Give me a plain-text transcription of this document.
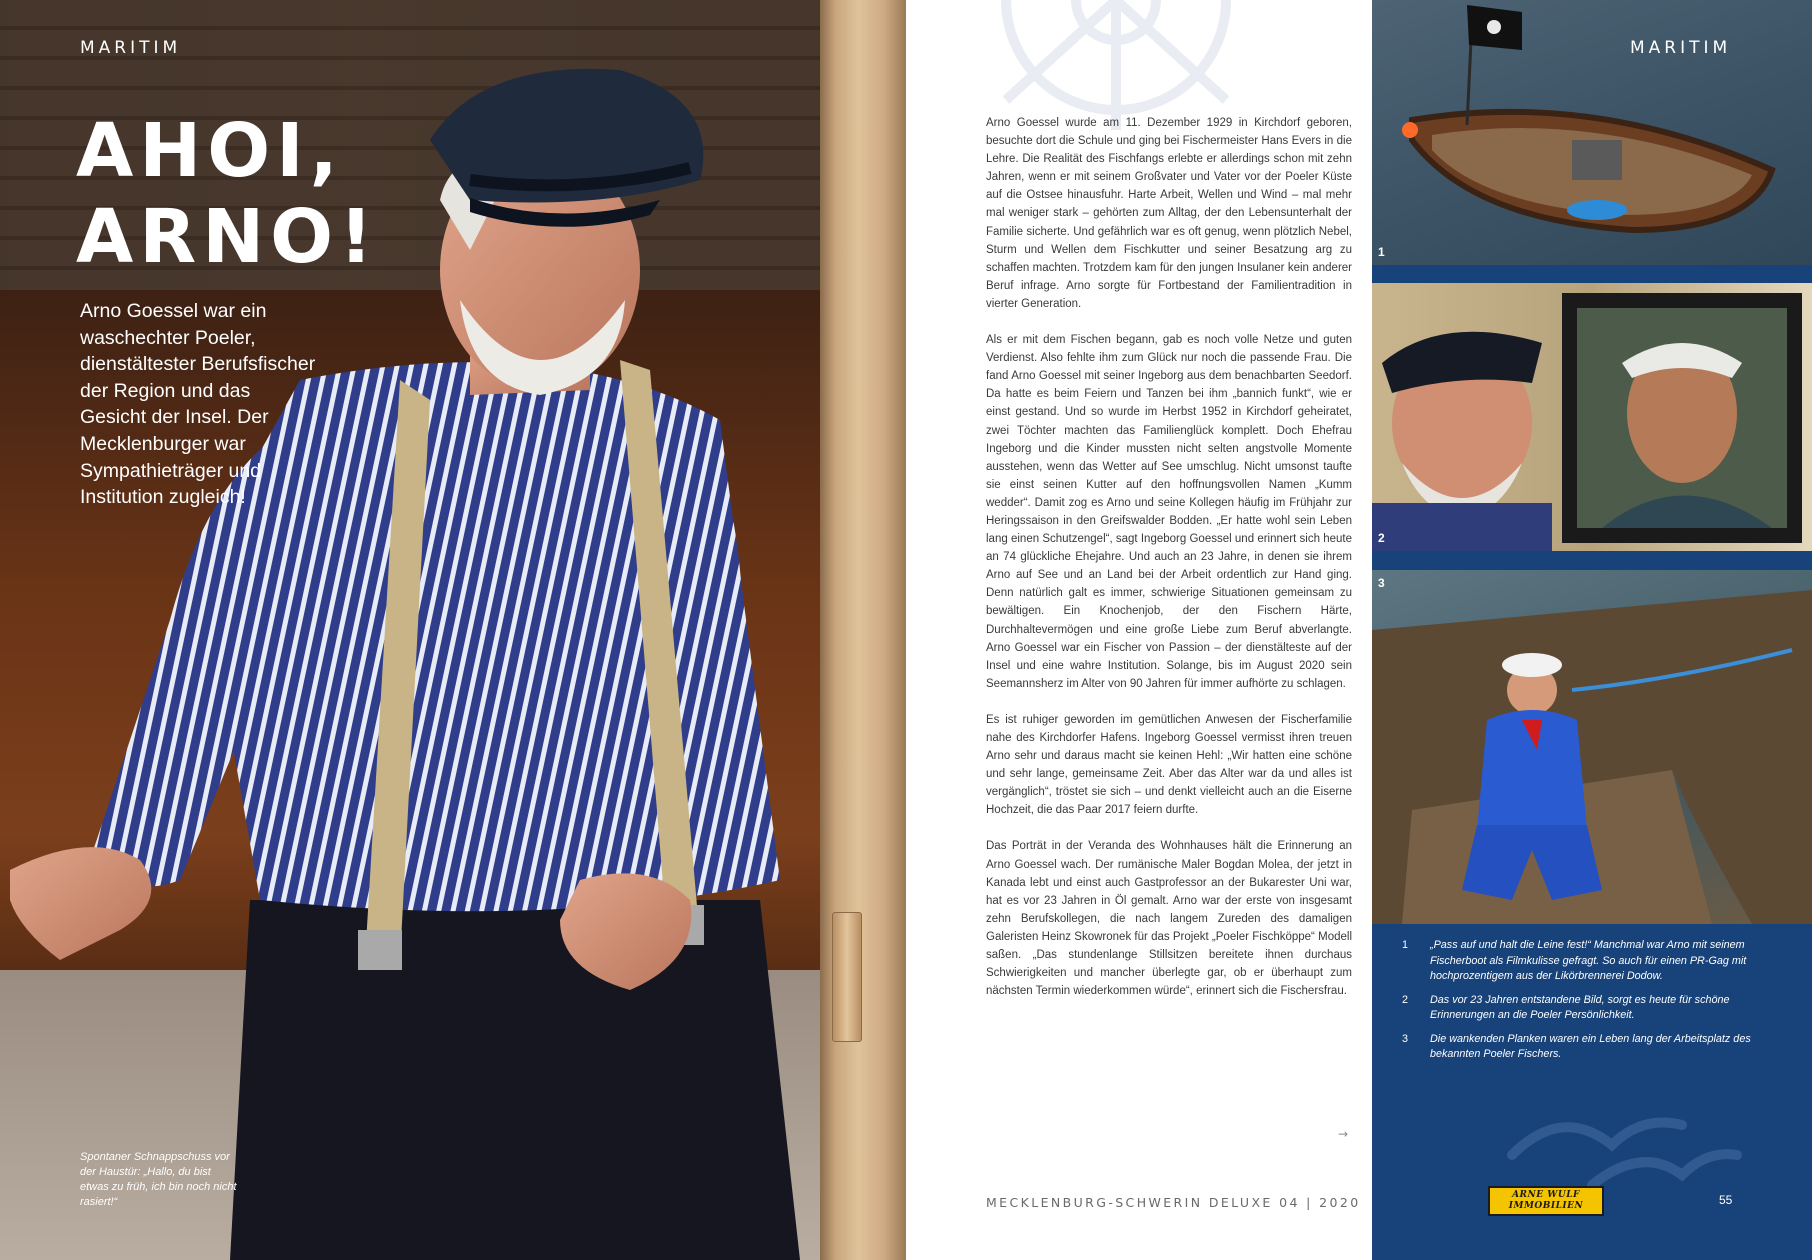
MARITIM
AHOI,
ARNO!

Arno Goessel war ein waschechter Poeler, dienstältester Berufsfischer der Region und das Gesicht der Insel. Der Mecklenburger war Sympathieträger und Institution zugleich!

Spontaner Schnappschuss vor der Haustür: „Hallo, du bist etwas zu früh, ich bin noch nicht rasiert!“

Arno Goessel wurde am 11. Dezember 1929 in Kirchdorf geboren, besuchte dort die Schule und ging bei Fischermeister Hans Evers in die Lehre. Die Realität des Fischfangs erlebte er allerdings schon mit zehn Jahren, wenn er mit seinem Großvater und Vater vor der Poeler Küste auf die Ostsee hinausfuhr. Harte Arbeit, Wellen und Wind – mal mehr mal weniger stark – gehörten zum Alltag, der den Lebensunterhalt der Familie sicherte. Und gefährlich war es oft genug, wenn plötzlich Nebel, Sturm und Wellen dem Fischkutter und seiner Besatzung arg zu schaffen machten. Trotzdem kam für den jungen Insulaner kein anderer Beruf infrage. Arno sorgte für Fortbestand der Familientradition in vierter Generation.

Als er mit dem Fischen begann, gab es noch volle Netze und guten Verdienst. Also fehlte ihm zum Glück nur noch die passende Frau. Die fand Arno Goessel mit seiner Ingeborg aus dem benachbarten Seedorf. Da hatte es beim Feiern und Tanzen bei ihm „bannich funkt“, wie er einst gestand. Und so wurde im Herbst 1952 in Kirchdorf geheiratet, zwei Töchter machten das Familienglück komplett. Doch Ehefrau Ingeborg und die Kinder mussten nicht selten angstvolle Momente ausstehen, wenn das Wetter auf See umschlug. Nicht umsonst taufte sie einst seinen Kutter auf den hoffnungsvollen Namen „Kumm wedder“. Damit zog es Arno und seine Kollegen häufig im Frühjahr zur Heringssaison in den Greifswalder Bodden. „Er hatte wohl sein Leben lang einen Schutzengel“, sagt Ingeborg Goessel und erinnert sich heute an 74 glückliche Ehejahre. Und auch an 23 Jahre, in denen sie ihrem Arno auf See und an Land bei der Arbeit ordentlich zur Hand ging. Denn natürlich galt es immer, schwierige Situationen gemeinsam zu bewältigen. Ein Knochenjob, der den Fischern Härte, Durchhaltevermögen und eine große Liebe zum Beruf abverlangte. Arno Goessel war ein Fischer von Passion – der dienstälteste auf der Insel und eine wahre Institution. Solange, bis im August 2020 sein Seemannsherz im Alter von 90 Jahren für immer aufhörte zu schlagen.

Es ist ruhiger geworden im gemütlichen Anwesen der Fischerfamilie nahe des Kirchdorfer Hafens. Ingeborg Goessel vermisst ihren treuen Arno sehr und daraus macht sie keinen Hehl: „Wir hatten eine schöne und sehr lange, gemeinsame Zeit. Aber das Alter war da und alles ist vergänglich“, tröstet sie sich – und denkt vielleicht auch an die Eiserne Hochzeit, die das Paar 2017 feiern durfte.

Das Porträt in der Veranda des Wohnhauses hält die Erinnerung an Arno Goessel wach. Der rumänische Maler Bogdan Molea, der jetzt in Kanada lebt und einst auch Gastprofessor an der Bukarester Uni war, hat es vor 23 Jahren in Öl gemalt. Arno war der erste von insgesamt zehn Berufskollegen, die nach langem Zureden des damaligen Galeristen Heinz Skowronek für das Projekt „Poeler Fischköppe“ Modell saßen. „Das stundenlange Stillsitzen bereitete ihnen durchaus Schwierigkeiten und mancher überlegte gar, ob er überhaupt zum nächsten Termin wiederkommen würde“, erinnert sich die Fischersfrau.

→
MECKLENBURG-SCHWERIN DELUXE 04 | 2020
1
2
3
MARITIM
1	„Pass auf und halt die Leine fest!“ Manchmal war Arno mit seinem Fischerboot als Filmkulisse gefragt. So auch für einen PR-Gag mit hochprozentigem aus der Likörbrennerei Dodow.
2	Das vor 23 Jahren entstandene Bild, sorgt es heute für schöne Erinnerungen an die Poeler Persönlichkeit.
3	Die wankenden Planken waren ein Leben lang der Arbeitsplatz des bekannten Poeler Fischers.
ARNE WULF
IMMOBILIEN	55
